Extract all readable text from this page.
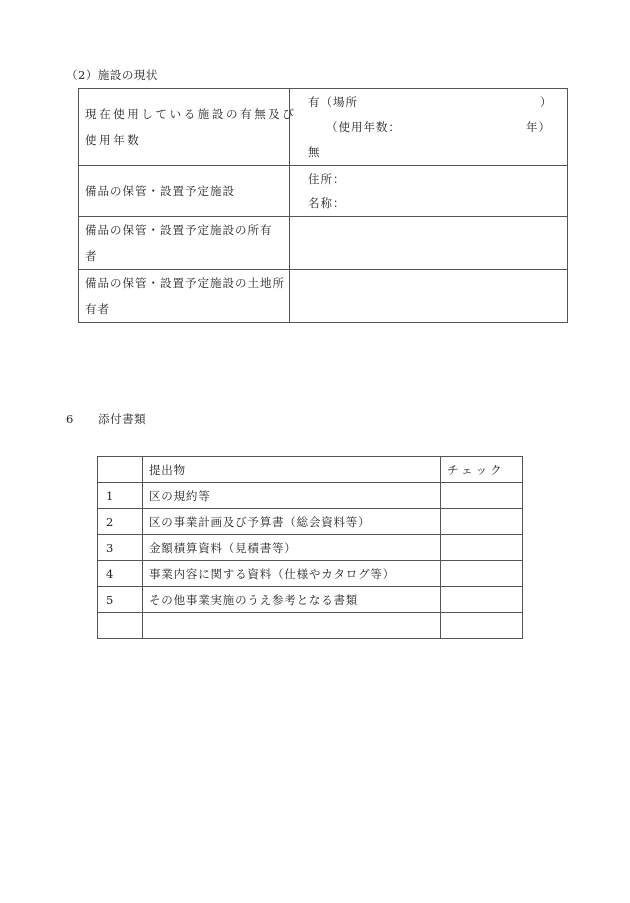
（2）施設の現状
現在使用している施設の有無及び
使用年数	有（場所 ）
（使用年数： 年）
無

備品の保管・設置予定施設	住所：
名称：

備品の保管・設置予定施設の所有者	

備品の保管・設置予定施設の土地所
有者	

6 添付書類
	提出物	チェック
1	区の規約等	
2	区の事業計画及び予算書（総会資料等）	
3	金額積算資料（見積書等）	
4	事業内容に関する資料（仕様やカタログ等）	
5	その他事業実施のうえ参考となる書類	
